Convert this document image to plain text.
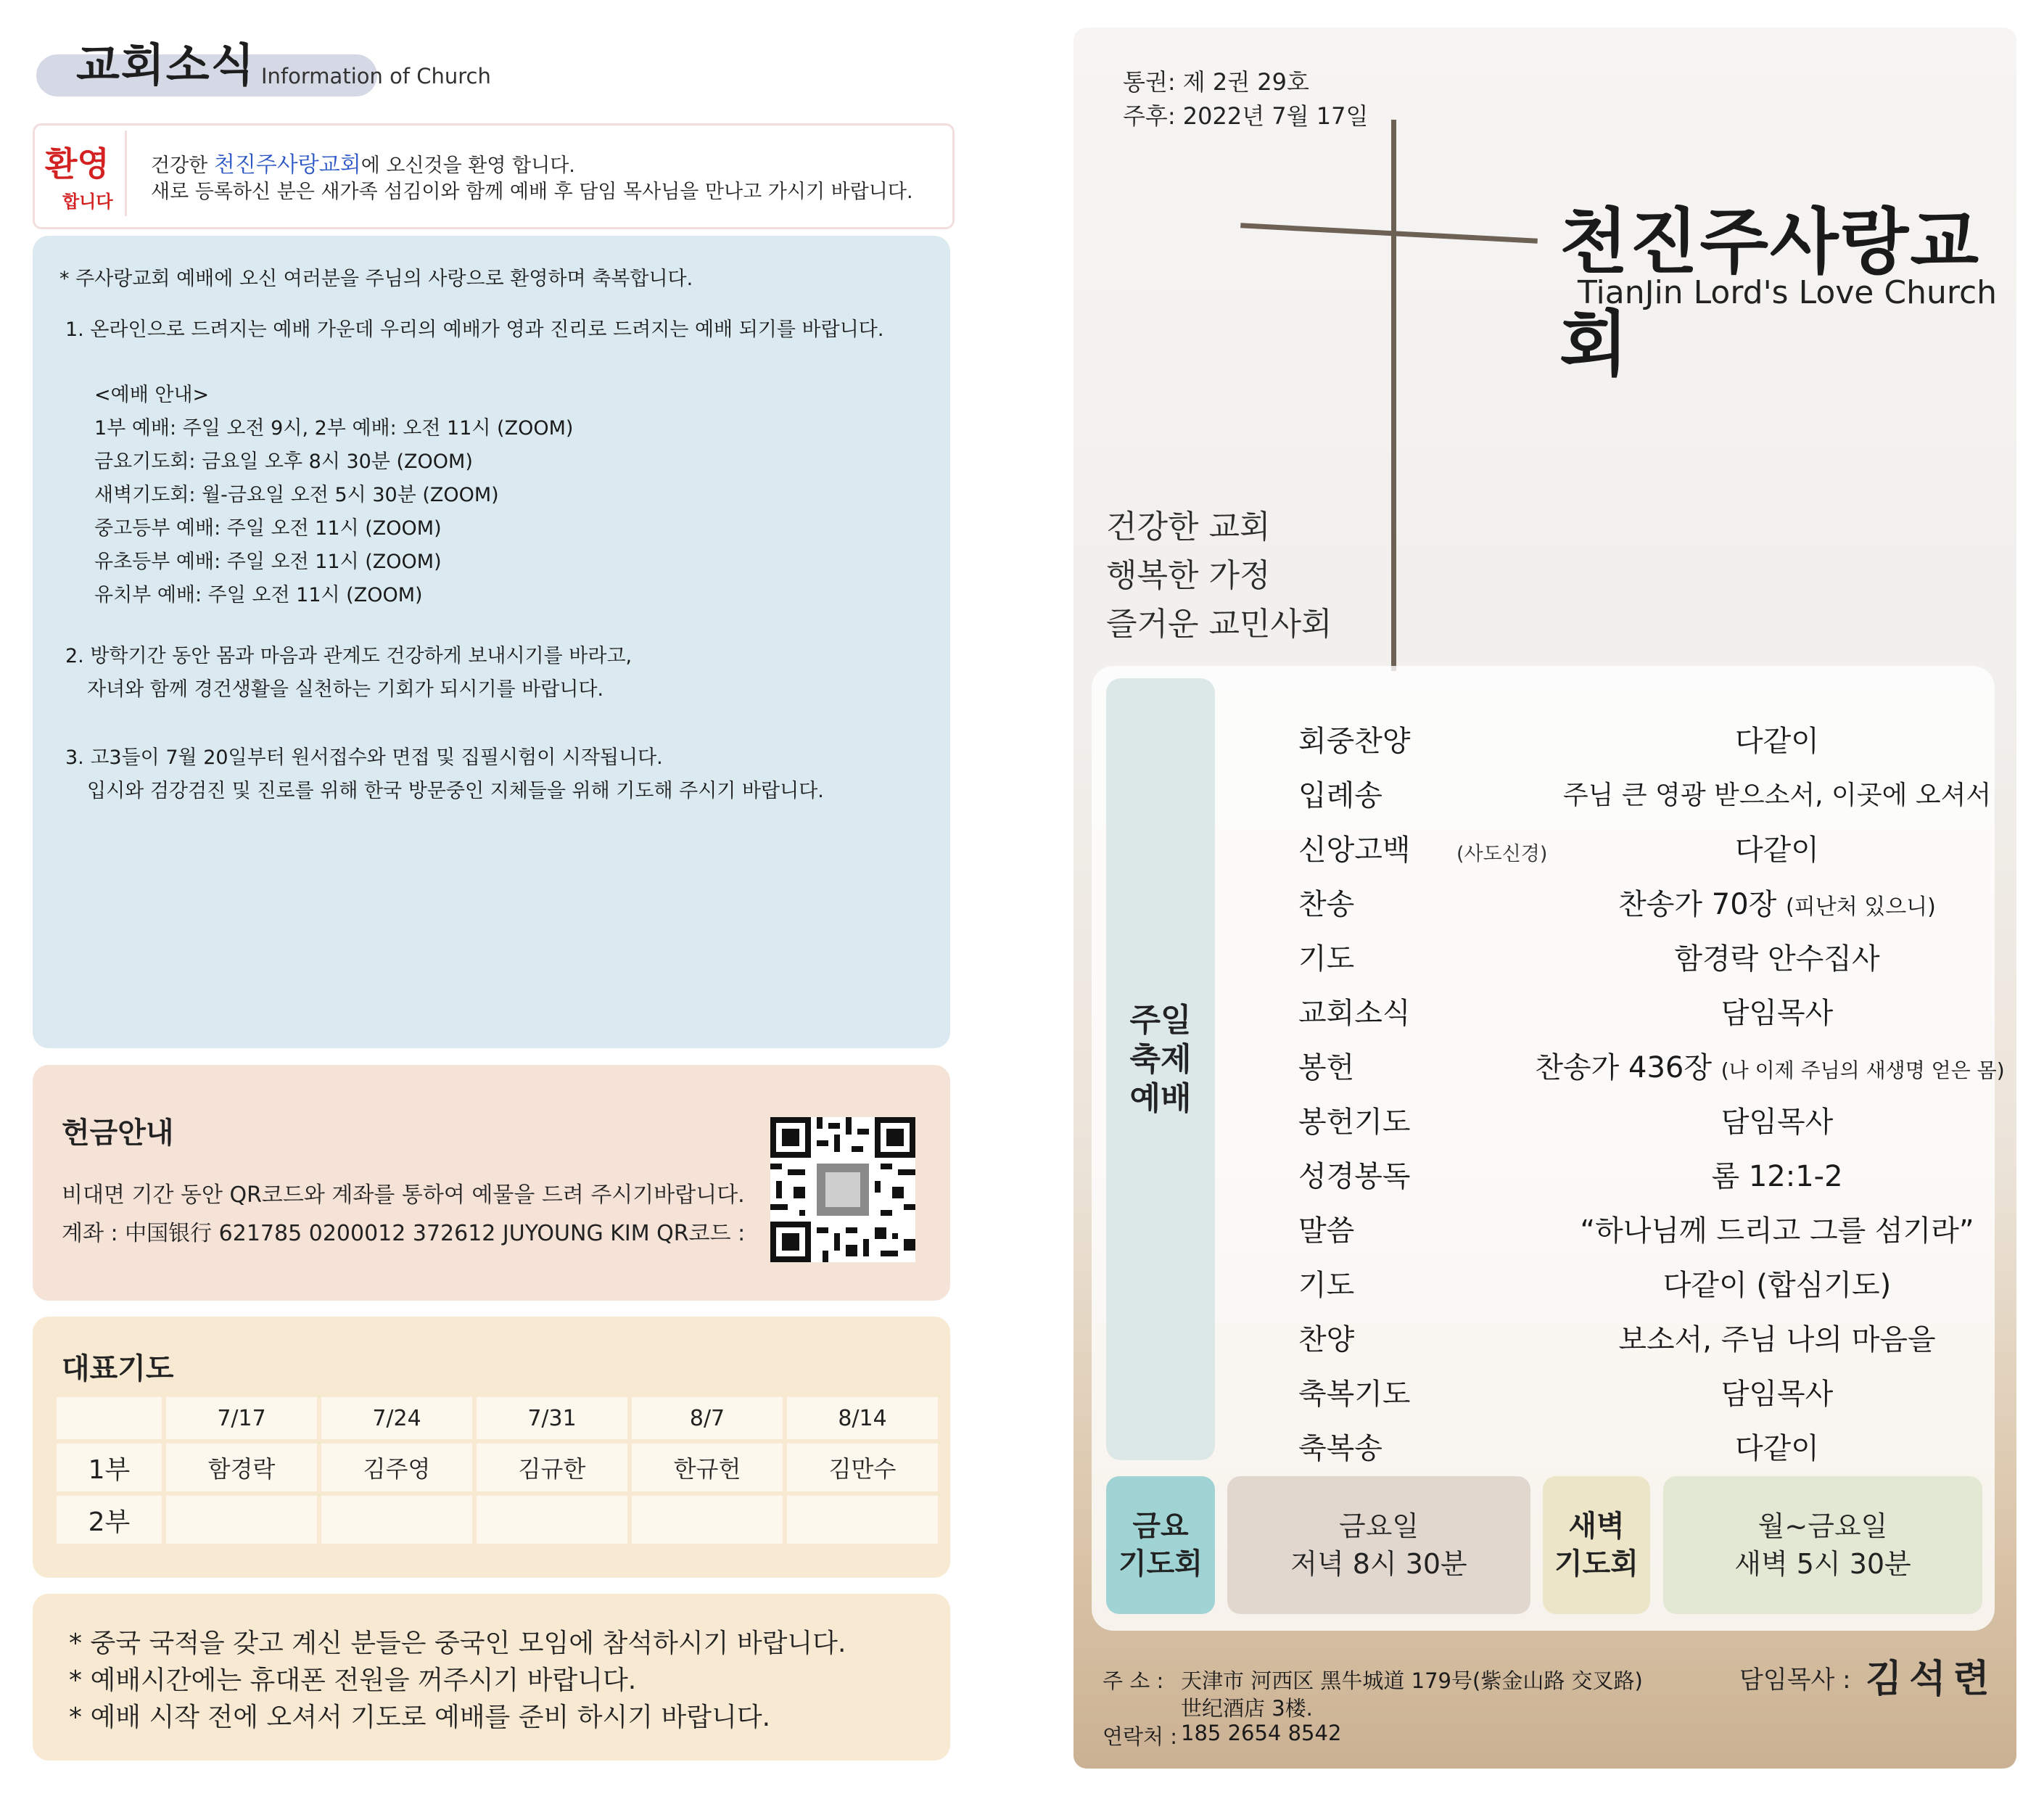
교회소식 Information of Church
환영
합니다
건강한 천진주사랑교회에 오신것을 환영 합니다.
새로 등록하신 분은 새가족 섬김이와 함께 예배 후 담임 목사님을 만나고 가시기 바랍니다.
* 주사랑교회 예배에 오신 여러분을 주님의 사랑으로 환영하며 축복합니다.
1. 온라인으로 드려지는 예배 가운데 우리의 예배가 영과 진리로 드려지는 예배 되기를 바랍니다.
<예배 안내>
1부 예배: 주일 오전 9시, 2부 예배: 오전 11시 (ZOOM)
금요기도회: 금요일 오후 8시 30분 (ZOOM)
새벽기도회: 월-금요일 오전 5시 30분 (ZOOM)
중고등부 예배: 주일 오전 11시 (ZOOM)
유초등부 예배: 주일 오전 11시 (ZOOM)
유치부 예배: 주일 오전 11시 (ZOOM)
2. 방학기간 동안 몸과 마음과 관계도 건강하게 보내시기를 바라고,
자녀와 함께 경건생활을 실천하는 기회가 되시기를 바랍니다.
3. 고3들이 7월 20일부터 원서접수와 면접 및 집필시험이 시작됩니다.
입시와 검강검진 및 진로를 위해 한국 방문중인 지체들을 위해 기도해 주시기 바랍니다.
헌금안내
비대면 기간 동안 QR코드와 계좌를 통하여 예물을 드려 주시기바랍니다.
계좌 : 中国银行 621785 0200012 372612 JUYOUNG KIM QR코드 :
대표기도
	7/17	7/24	7/31	8/7	8/14
1부	함경락	김주영	김규한	한규헌	김만수
2부					
* 중국 국적을 갖고 계신 분들은 중국인 모임에 참석하시기 바랍니다.
* 예배시간에는 휴대폰 전원을 꺼주시기 바랍니다.
* 예배 시작 전에 오셔서 기도로 예배를 준비 하시기 바랍니다.
통권: 제 2권 29호
주후: 2022년 7월 17일
천진주사랑교회
TianJin Lord's Love Church
건강한 교회
행복한 가정
즐거운 교민사회
주일
축제
예배
회중찬양	다같이
입례송	주님 큰 영광 받으소서, 이곳에 오셔서
신앙고백	(사도신경)	다같이
찬송	찬송가 70장 (피난처 있으니)
기도	함경락 안수집사
교회소식	담임목사
봉헌	찬송가 436장 (나 이제 주님의 새생명 얻은 몸)
봉헌기도	담임목사
성경봉독	롬 12:1-2
말씀	“하나님께 드리고 그를 섬기라”
기도	다같이 (합심기도)
찬양	보소서, 주님 나의 마음을
축복기도	담임목사
축복송	다같이
금요
기도회
금요일
저녁 8시 30분
새벽
기도회
월~금요일
새벽 5시 30분
주 소 : 天津市 河西区 黑牛城道 179号(紫金山路 交叉路)
世纪酒店 3楼.
연락처 : 185 2654 8542
담임목사 : 김석련
